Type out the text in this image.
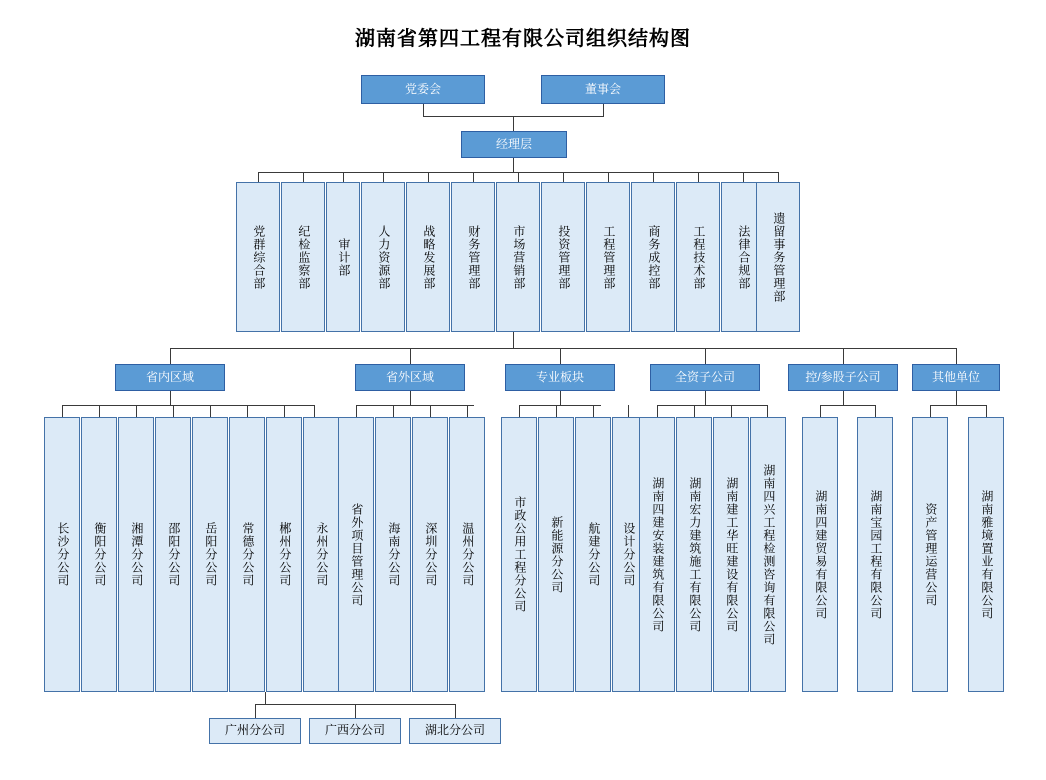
湖南省第四工程有限公司组织结构图
党委会	董事会
经理层
党群综合部	纪检监察部 审计部 人力资源部	战略发展部	财务管理部	市场营销部	投资管理部	工程管理部	商务成控部	工程技术部	法律合规部 遗留事务管理部
省内区域	省外区域	专业板块	全资子公司	控/参股子公司	其他单位
长沙分公司 衡阳分公司 湘潭分公司 邵阳分公司 岳阳分公司 常德分公司 郴州分公司 永州分公司 省外项目管理公司 海南分公司 深圳分公司 温州分公司	市政公用工程分公司 新能源分公司 航建分公司 设计分公司 湖南四建安装建筑有限公司 湖南宏力建筑施工有限公司 湖南建工华旺建设有限公司 湖南四兴工程检测咨询有限公司	湖南四建贸易有限公司	湖南宝园工程有限公司	资产管理运营公司	湖南雅境置业有限公司
广州分公司	广西分公司	湖北分公司
